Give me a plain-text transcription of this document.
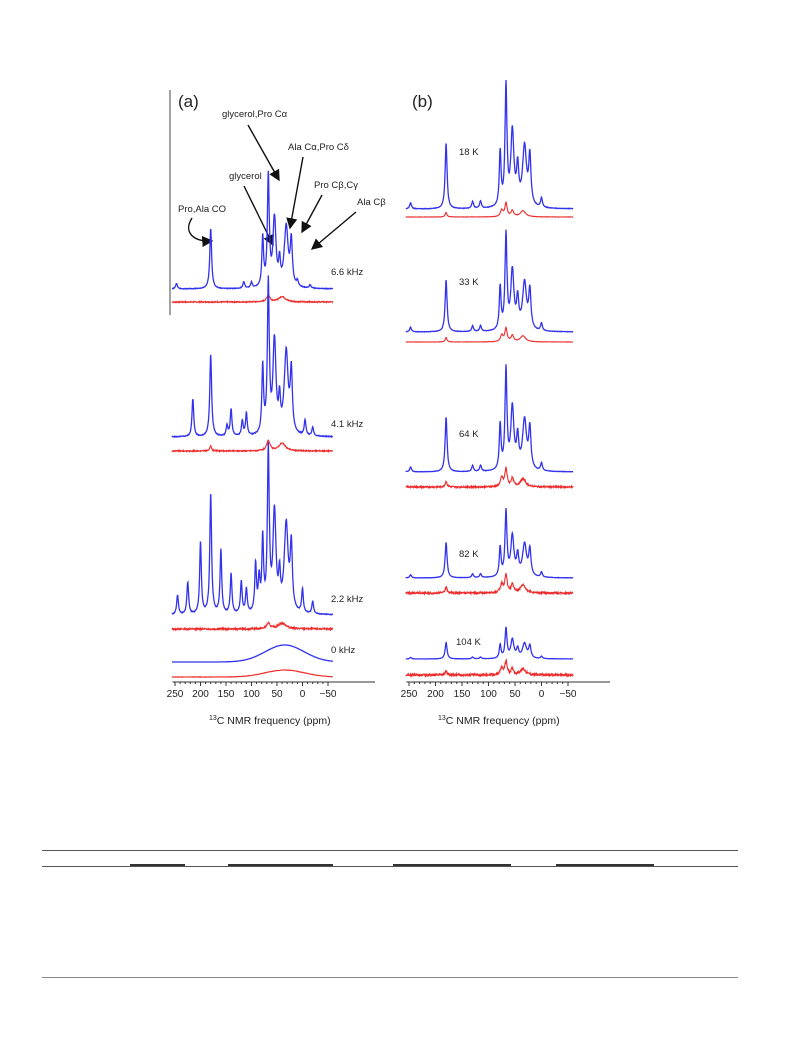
(a)	(b)
glycerol,Pro Cα
Ala Cα,Pro Cδ
glycerol
Pro Cβ,Cγ
Ala Cβ
Pro,Ala CO
6.6 kHz
4.1 kHz
2.2 kHz
0 kHz
18 K
33 K
64 K
82 K
104 K
250 200 150 100 50 0 −50	250 200 150 100 50 0 −50
$^{13}$C NMR frequency (ppm)	$^{13}$C NMR frequency (ppm)
